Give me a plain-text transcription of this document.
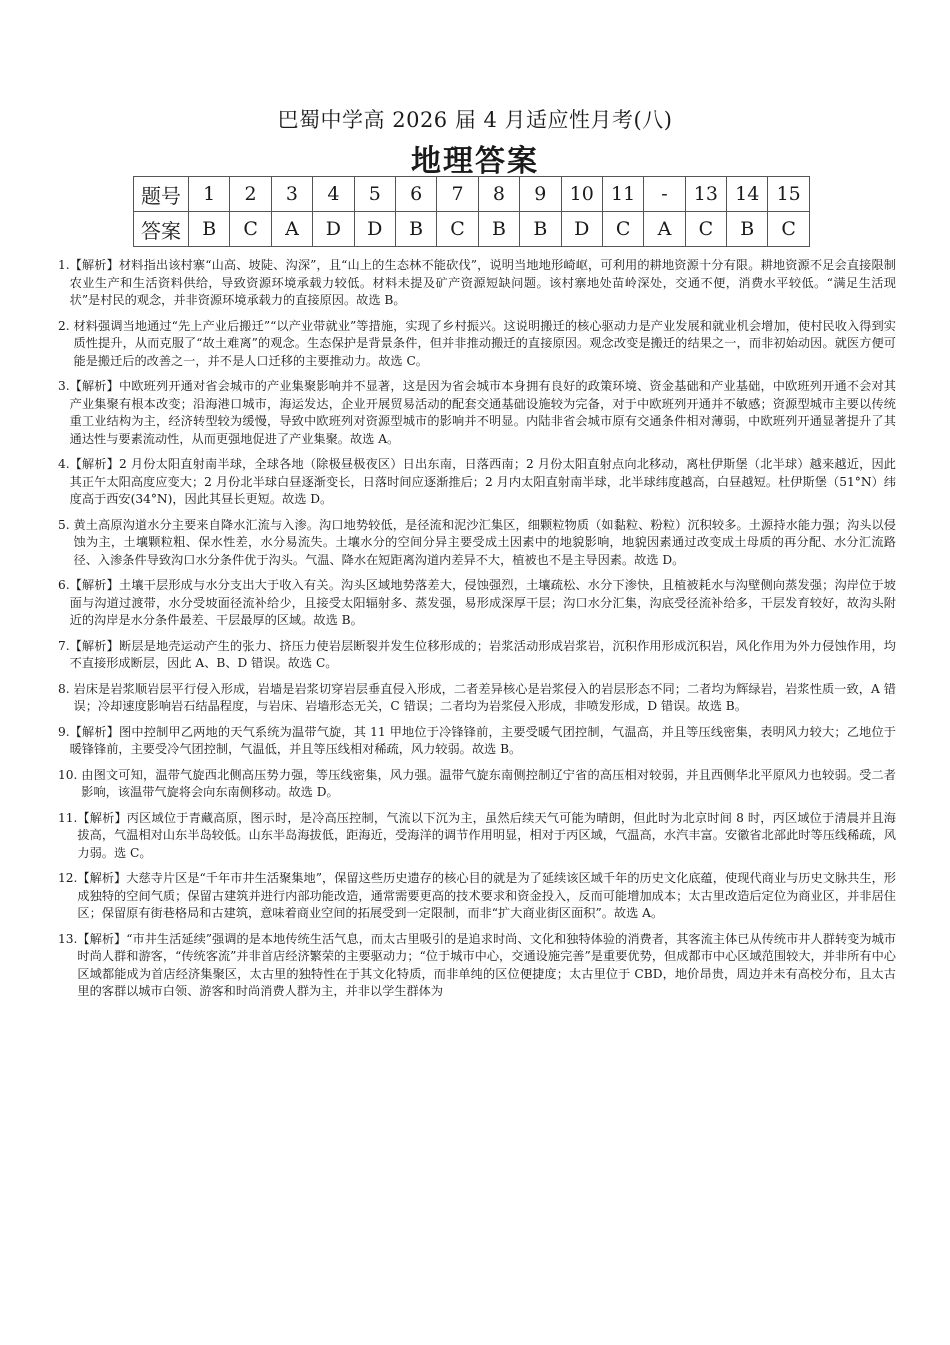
巴蜀中学高 2026 届 4 月适应性月考(八)
地理答案
题号	1	2	3	4	5	6	7	8	9	10	11	-	13	14	15
答案	B	C	A	D	D	B	C	B	B	D	C	A	C	B	C
1. 【解析】材料指出该村寨“山高、坡陡、沟深”，且“山上的生态林不能砍伐”，说明当地地形崎岖，可利用的耕地资源十分有限。耕地资源不足会直接限制农业生产和生活资料供给，导致资源环境承载力较低。材料未提及矿产资源短缺问题。该村寨地处苗岭深处，交通不便，消费水平较低。“满足生活现状”是村民的观念，并非资源环境承载力的直接原因。故选 B。
2. 材料强调当地通过“先上产业后搬迁”“以产业带就业”等措施，实现了乡村振兴。这说明搬迁的核心驱动力是产业发展和就业机会增加，使村民收入得到实质性提升，从而克服了“故土难离”的观念。生态保护是背景条件，但并非推动搬迁的直接原因。观念改变是搬迁的结果之一，而非初始动因。就医方便可能是搬迁后的改善之一，并不是人口迁移的主要推动力。故选 C。
3. 【解析】中欧班列开通对省会城市的产业集聚影响并不显著，这是因为省会城市本身拥有良好的政策环境、资金基础和产业基础，中欧班列开通不会对其产业集聚有根本改变；沿海港口城市，海运发达，企业开展贸易活动的配套交通基础设施较为完备，对于中欧班列开通并不敏感；资源型城市主要以传统重工业结构为主，经济转型较为缓慢，导致中欧班列对资源型城市的影响并不明显。内陆非省会城市原有交通条件相对薄弱，中欧班列开通显著提升了其通达性与要素流动性，从而更强地促进了产业集聚。故选 A。
4. 【解析】2 月份太阳直射南半球，全球各地（除极昼极夜区）日出东南，日落西南；2 月份太阳直射点向北移动，离杜伊斯堡（北半球）越来越近，因此其正午太阳高度应变大；2 月份北半球白昼逐渐变长，日落时间应逐渐推后；2 月内太阳直射南半球，北半球纬度越高，白昼越短。杜伊斯堡（51°N）纬度高于西安(34°N)，因此其昼长更短。故选 D。
5. 黄土高原沟道水分主要来自降水汇流与入渗。沟口地势较低，是径流和泥沙汇集区，细颗粒物质（如黏粒、粉粒）沉积较多。土源持水能力强；沟头以侵蚀为主，土壤颗粒粗、保水性差，水分易流失。土壤水分的空间分异主要受成土因素中的地貌影响，地貌因素通过改变成土母质的再分配、水分汇流路径、入渗条件导致沟口水分条件优于沟头。气温、降水在短距离沟道内差异不大，植被也不是主导因素。故选 D。
6. 【解析】土壤干层形成与水分支出大于收入有关。沟头区域地势落差大，侵蚀强烈，土壤疏松、水分下渗快，且植被耗水与沟壁侧向蒸发强；沟岸位于坡面与沟道过渡带，水分受坡面径流补给少，且接受太阳辐射多、蒸发强，易形成深厚干层；沟口水分汇集，沟底受径流补给多，干层发育较好，故沟头附近的沟岸是水分条件最差、干层最厚的区域。故选 B。
7. 【解析】断层是地壳运动产生的张力、挤压力使岩层断裂并发生位移形成的；岩浆活动形成岩浆岩，沉积作用形成沉积岩，风化作用为外力侵蚀作用，均不直接形成断层，因此 A、B、D 错误。故选 C。
8. 岩床是岩浆顺岩层平行侵入形成，岩墙是岩浆切穿岩层垂直侵入形成，二者差异核心是岩浆侵入的岩层形态不同；二者均为辉绿岩，岩浆性质一致，A 错误；冷却速度影响岩石结晶程度，与岩床、岩墙形态无关，C 错误；二者均为岩浆侵入形成，非喷发形成，D 错误。故选 B。
9. 【解析】图中控制甲乙两地的天气系统为温带气旋，其 11 甲地位于冷锋锋前，主要受暖气团控制，气温高，并且等压线密集，表明风力较大；乙地位于暖锋锋前，主要受冷气团控制，气温低，并且等压线相对稀疏，风力较弱。故选 B。
10. 由图文可知，温带气旋西北侧高压势力强，等压线密集，风力强。温带气旋东南侧控制辽宁省的高压相对较弱，并且西侧华北平原风力也较弱。受二者影响，该温带气旋将会向东南侧移动。故选 D。
11. 【解析】丙区域位于青藏高原，图示时，是冷高压控制，气流以下沉为主，虽然后续天气可能为晴朗，但此时为北京时间 8 时，丙区域位于清晨并且海拔高，气温相对山东半岛较低。山东半岛海拔低，距海近，受海洋的调节作用明显，相对于丙区域，气温高，水汽丰富。安徽省北部此时等压线稀疏，风力弱。选 C。
12. 【解析】大慈寺片区是“千年市井生活聚集地”，保留这些历史遗存的核心目的就是为了延续该区域千年的历史文化底蕴，使现代商业与历史文脉共生，形成独特的空间气质；保留古建筑并进行内部功能改造，通常需要更高的技术要求和资金投入，反而可能增加成本；太古里改造后定位为商业区，并非居住区；保留原有街巷格局和古建筑，意味着商业空间的拓展受到一定限制，而非“扩大商业街区面积”。故选 A。
13. 【解析】“市井生活延续”强调的是本地传统生活气息，而太古里吸引的是追求时尚、文化和独特体验的消费者，其客流主体已从传统市井人群转变为城市时尚人群和游客，“传统客流”并非首店经济繁荣的主要驱动力；“位于城市中心，交通设施完善”是重要优势，但成都市中心区域范围较大，并非所有中心区域都能成为首店经济集聚区，太古里的独特性在于其文化特质，而非单纯的区位便捷度；太古里位于 CBD，地价昂贵，周边并未有高校分布，且太古里的客群以城市白领、游客和时尚消费人群为主，并非以学生群体为
